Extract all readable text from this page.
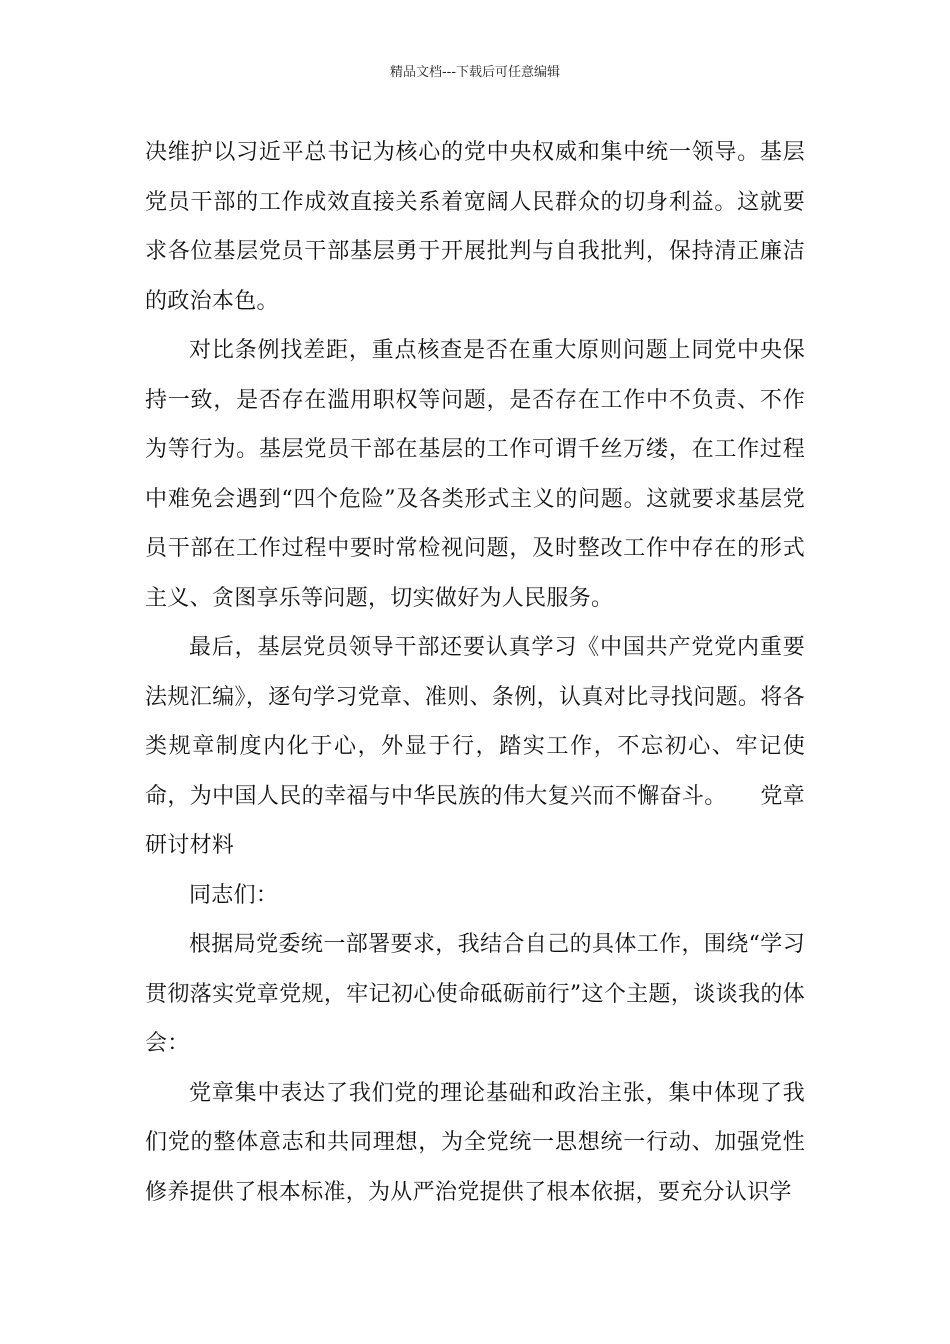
精品文档---下载后可任意编辑

决维护以习近平总书记为核心的党中央权威和集中统一领导。基层党员干部的工作成效直接关系着宽阔人民群众的切身利益。这就要求各位基层党员干部基层勇于开展批判与自我批判，保持清正廉洁的政治本色。

对比条例找差距，重点核查是否在重大原则问题上同党中央保持一致，是否存在滥用职权等问题，是否存在工作中不负责、不作为等行为。基层党员干部在基层的工作可谓千丝万缕，在工作过程中难免会遇到“四个危险”及各类形式主义的问题。这就要求基层党员干部在工作过程中要时常检视问题，及时整改工作中存在的形式主义、贪图享乐等问题，切实做好为人民服务。

最后，基层党员领导干部还要认真学习《中国共产党党内重要法规汇编》，逐句学习党章、准则、条例，认真对比寻找问题。将各类规章制度内化于心，外显于行，踏实工作，不忘初心、牢记使命，为中国人民的幸福与中华民族的伟大复兴而不懈奋斗。　　党章研讨材料

同志们：

根据局党委统一部署要求，我结合自己的具体工作，围绕“学习贯彻落实党章党规，牢记初心使命砥砺前行”这个主题，谈谈我的体会：

党章集中表达了我们党的理论基础和政治主张，集中体现了我们党的整体意志和共同理想，为全党统一思想统一行动、加强党性修养提供了根本标准，为从严治党提供了根本依据，要充分认识学
